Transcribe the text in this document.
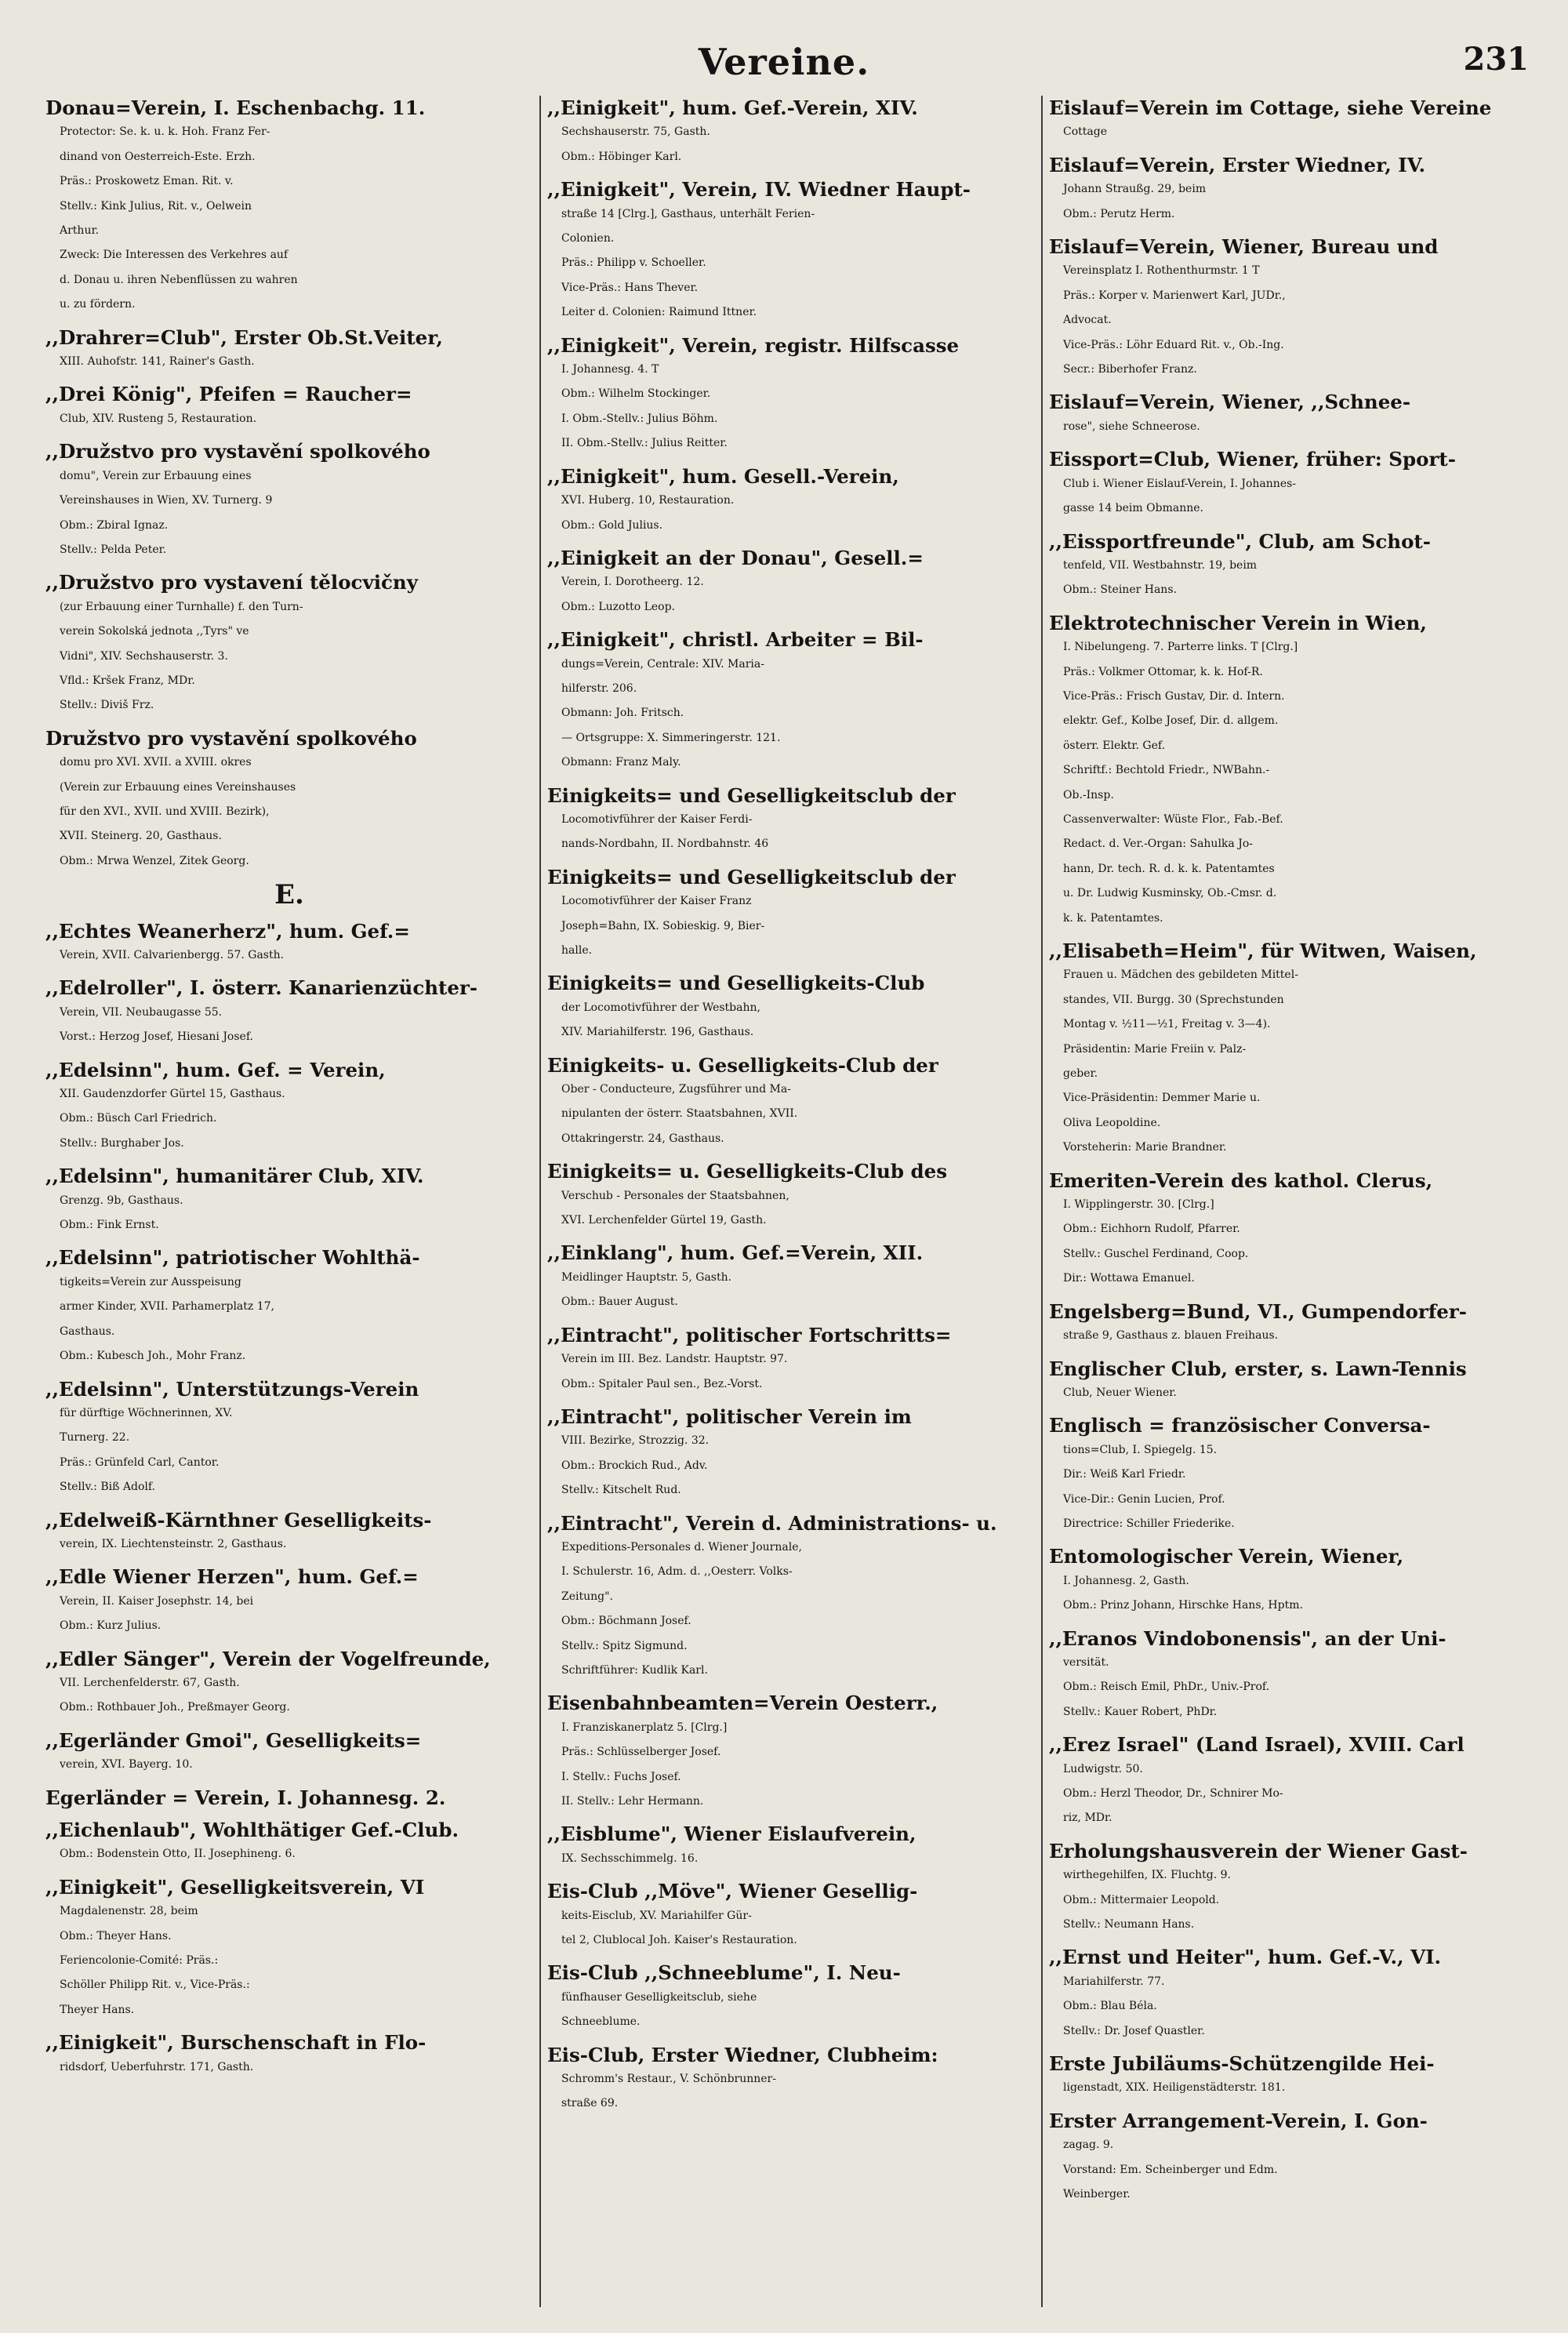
Vereine.	231
Donau=Verein, I. Eschenbachg. 11.
Protector: Se. k. u. k. Hoh. Franz Fer-
dinand von Oesterreich-Este. Erzh.
Präs.: Proskowetz Eman. Rit. v.
Stellv.: Kink Julius, Rit. v., Oelwein
Arthur.
Zweck: Die Interessen des Verkehres auf
d. Donau u. ihren Nebenflüssen zu wahren
u. zu fördern.
,,Drahrer=Club", Erster Ob.St.Veiter,
XIII. Auhofstr. 141, Rainer's Gasth.
,,Drei König", Pfeifen = Raucher=
Club, XIV. Rusteng 5, Restauration.
,,Družstvo pro vystavění spolkového
domu", Verein zur Erbauung eines
Vereinshauses in Wien, XV. Turnerg. 9
Obm.: Zbiral Ignaz.
Stellv.: Pelda Peter.
,,Družstvo pro vystavení tělocvičny
(zur Erbauung einer Turnhalle) f. den Turn-
verein Sokolská jednota ,,Tyrs" ve
Vidni", XIV. Sechshauserstr. 3.
Vfld.: Kršek Franz, MDr.
Stellv.: Diviš Frz.
Družstvo pro vystavění spolkového
domu pro XVI. XVII. a XVIII. okres
(Verein zur Erbauung eines Vereinshauses
für den XVI., XVII. und XVIII. Bezirk),
XVII. Steinerg. 20, Gasthaus.
Obm.: Mrwa Wenzel, Zitek Georg.
E.
,,Echtes Weanerherz", hum. Gef.=
Verein, XVII. Calvarienbergg. 57. Gasth.
,,Edelroller", I. österr. Kanarienzüchter-
Verein, VII. Neubaugasse 55.
Vorst.: Herzog Josef, Hiesani Josef.
,,Edelsinn", hum. Gef. = Verein,
XII. Gaudenzdorfer Gürtel 15, Gasthaus.
Obm.: Büsch Carl Friedrich.
Stellv.: Burghaber Jos.
,,Edelsinn", humanitärer Club, XIV.
Grenzg. 9b, Gasthaus.
Obm.: Fink Ernst.
,,Edelsinn", patriotischer Wohlthä-
tigkeits=Verein zur Ausspeisung
armer Kinder, XVII. Parhamerplatz 17,
Gasthaus.
Obm.: Kubesch Joh., Mohr Franz.
,,Edelsinn", Unterstützungs-Verein
für dürftige Wöchnerinnen, XV.
Turnerg. 22.
Präs.: Grünfeld Carl, Cantor.
Stellv.: Biß Adolf.
,,Edelweiß-Kärnthner Geselligkeits-
verein, IX. Liechtensteinstr. 2, Gasthaus.
,,Edle Wiener Herzen", hum. Gef.=
Verein, II. Kaiser Josephstr. 14, bei
Obm.: Kurz Julius.
,,Edler Sänger", Verein der Vogelfreunde,
VII. Lerchenfelderstr. 67, Gasth.
Obm.: Rothbauer Joh., Preßmayer Georg.
,,Egerländer Gmoi", Geselligkeits=
verein, XVI. Bayerg. 10.
Egerländer = Verein, I. Johannesg. 2.
,,Eichenlaub", Wohlthätiger Gef.-Club.
Obm.: Bodenstein Otto, II. Josephineng. 6.
,,Einigkeit", Geselligkeitsverein, VI
Magdalenenstr. 28, beim
Obm.: Theyer Hans.
Feriencolonie-Comité: Präs.:
Schöller Philipp Rit. v., Vice-Präs.:
Theyer Hans.
,,Einigkeit", Burschenschaft in Flo-
ridsdorf, Ueberfuhrstr. 171, Gasth.
,,Einigkeit", hum. Gef.-Verein, XIV.
Sechshauserstr. 75, Gasth.
Obm.: Höbinger Karl.
,,Einigkeit", Verein, IV. Wiedner Haupt-
straße 14 [Clrg.], Gasthaus, unterhält Ferien-
Colonien.
Präs.: Philipp v. Schoeller.
Vice-Präs.: Hans Thever.
Leiter d. Colonien: Raimund Ittner.
,,Einigkeit", Verein, registr. Hilfscasse
I. Johannesg. 4. T
Obm.: Wilhelm Stockinger.
I. Obm.-Stellv.: Julius Böhm.
II. Obm.-Stellv.: Julius Reitter.
,,Einigkeit", hum. Gesell.-Verein,
XVI. Huberg. 10, Restauration.
Obm.: Gold Julius.
,,Einigkeit an der Donau", Gesell.=
Verein, I. Dorotheerg. 12.
Obm.: Luzotto Leop.
,,Einigkeit", christl. Arbeiter = Bil-
dungs=Verein, Centrale: XIV. Maria-
hilferstr. 206.
Obmann: Joh. Fritsch.
— Ortsgruppe: X. Simmeringerstr. 121.
Obmann: Franz Maly.
Einigkeits= und Geselligkeitsclub der
Locomotivführer der Kaiser Ferdi-
nands-Nordbahn, II. Nordbahnstr. 46
Einigkeits= und Geselligkeitsclub der
Locomotivführer der Kaiser Franz
Joseph=Bahn, IX. Sobieskig. 9, Bier-
halle.
Einigkeits= und Geselligkeits-Club
der Locomotivführer der Westbahn,
XIV. Mariahilferstr. 196, Gasthaus.
Einigkeits- u. Geselligkeits-Club der
Ober - Conducteure, Zugsführer und Ma-
nipulanten der österr. Staatsbahnen, XVII.
Ottakringerstr. 24, Gasthaus.
Einigkeits= u. Geselligkeits-Club des
Verschub - Personales der Staatsbahnen,
XVI. Lerchenfelder Gürtel 19, Gasth.
,,Einklang", hum. Gef.=Verein, XII.
Meidlinger Hauptstr. 5, Gasth.
Obm.: Bauer August.
,,Eintracht", politischer Fortschritts=
Verein im III. Bez. Landstr. Hauptstr. 97.
Obm.: Spitaler Paul sen., Bez.-Vorst.
,,Eintracht", politischer Verein im
VIII. Bezirke, Strozzig. 32.
Obm.: Brockich Rud., Adv.
Stellv.: Kitschelt Rud.
,,Eintracht", Verein d. Administrations- u.
Expeditions-Personales d. Wiener Journale,
I. Schulerstr. 16, Adm. d. ,,Oesterr. Volks-
Zeitung".
Obm.: Böchmann Josef.
Stellv.: Spitz Sigmund.
Schriftführer: Kudlik Karl.
Eisenbahnbeamten=Verein Oesterr.,
I. Franziskanerplatz 5. [Clrg.]
Präs.: Schlüsselberger Josef.
I. Stellv.: Fuchs Josef.
II. Stellv.: Lehr Hermann.
,,Eisblume", Wiener Eislaufverein,
IX. Sechsschimmelg. 16.
Eis-Club ,,Möve", Wiener Gesellig-
keits-Eisclub, XV. Mariahilfer Gür-
tel 2, Clublocal Joh. Kaiser's Restauration.
Eis-Club ,,Schneeblume", I. Neu-
fünfhauser Geselligkeitsclub, siehe
Schneeblume.
Eis-Club, Erster Wiedner, Clubheim:
Schromm's Restaur., V. Schönbrunner-
straße 69.
Eislauf=Verein im Cottage, siehe Vereine
Cottage
Eislauf=Verein, Erster Wiedner, IV.
Johann Straußg. 29, beim
Obm.: Perutz Herm.
Eislauf=Verein, Wiener, Bureau und
Vereinsplatz I. Rothenthurmstr. 1 T
Präs.: Korper v. Marienwert Karl, JUDr.,
Advocat.
Vice-Präs.: Löhr Eduard Rit. v., Ob.-Ing.
Secr.: Biberhofer Franz.
Eislauf=Verein, Wiener, ,,Schnee-
rose", siehe Schneerose.
Eissport=Club, Wiener, früher: Sport-
Club i. Wiener Eislauf-Verein, I. Johannes-
gasse 14 beim Obmanne.
,,Eissportfreunde", Club, am Schot-
tenfeld, VII. Westbahnstr. 19, beim
Obm.: Steiner Hans.
Elektrotechnischer Verein in Wien,
I. Nibelungeng. 7. Parterre links. T [Clrg.]
Präs.: Volkmer Ottomar, k. k. Hof-R.
Vice-Präs.: Frisch Gustav, Dir. d. Intern.
elektr. Gef., Kolbe Josef, Dir. d. allgem.
österr. Elektr. Gef.
Schriftf.: Bechtold Friedr., NWBahn.-
Ob.-Insp.
Cassenverwalter: Wüste Flor., Fab.-Bef.
Redact. d. Ver.-Organ: Sahulka Jo-
hann, Dr. tech. R. d. k. k. Patentamtes
u. Dr. Ludwig Kusminsky, Ob.-Cmsr. d.
k. k. Patentamtes.
,,Elisabeth=Heim", für Witwen, Waisen,
Frauen u. Mädchen des gebildeten Mittel-
standes, VII. Burgg. 30 (Sprechstunden
Montag v. ½11—½1, Freitag v. 3—4).
Präsidentin: Marie Freiin v. Palz-
geber.
Vice-Präsidentin: Demmer Marie u.
Oliva Leopoldine.
Vorsteherin: Marie Brandner.
Emeriten-Verein des kathol. Clerus,
I. Wipplingerstr. 30. [Clrg.]
Obm.: Eichhorn Rudolf, Pfarrer.
Stellv.: Guschel Ferdinand, Coop.
Dir.: Wottawa Emanuel.
Engelsberg=Bund, VI., Gumpendorfer-
straße 9, Gasthaus z. blauen Freihaus.
Englischer Club, erster, s. Lawn-Tennis
Club, Neuer Wiener.
Englisch = französischer Conversa-
tions=Club, I. Spiegelg. 15.
Dir.: Weiß Karl Friedr.
Vice-Dir.: Genin Lucien, Prof.
Directrice: Schiller Friederike.
Entomologischer Verein, Wiener,
I. Johannesg. 2, Gasth.
Obm.: Prinz Johann, Hirschke Hans, Hptm.
,,Eranos Vindobonensis", an der Uni-
versität.
Obm.: Reisch Emil, PhDr., Univ.-Prof.
Stellv.: Kauer Robert, PhDr.
,,Erez Israel" (Land Israel), XVIII. Carl
Ludwigstr. 50.
Obm.: Herzl Theodor, Dr., Schnirer Mo-
riz, MDr.
Erholungshausverein der Wiener Gast-
wirthegehilfen, IX. Fluchtg. 9.
Obm.: Mittermaier Leopold.
Stellv.: Neumann Hans.
,,Ernst und Heiter", hum. Gef.-V., VI.
Mariahilferstr. 77.
Obm.: Blau Béla.
Stellv.: Dr. Josef Quastler.
Erste Jubiläums-Schützengilde Hei-
ligenstadt, XIX. Heiligenstädterstr. 181.
Erster Arrangement-Verein, I. Gon-
zagag. 9.
Vorstand: Em. Scheinberger und Edm.
Weinberger.
